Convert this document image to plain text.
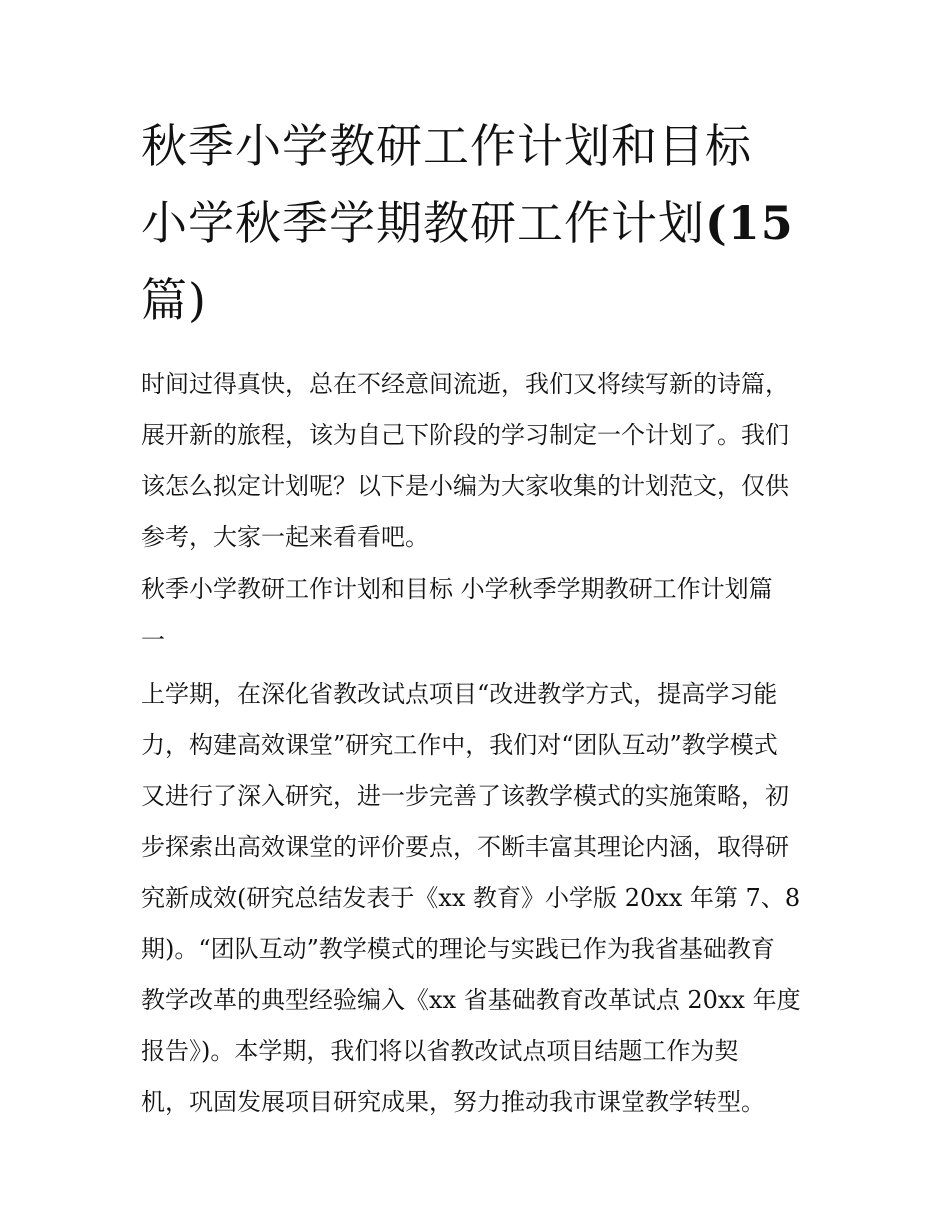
秋季小学教研工作计划和目标
小学秋季学期教研工作计划(15
篇)

时间过得真快，总在不经意间流逝，我们又将续写新的诗篇，
展开新的旅程，该为自己下阶段的学习制定一个计划了。我们
该怎么拟定计划呢？以下是小编为大家收集的计划范文，仅供
参考，大家一起来看看吧。

秋季小学教研工作计划和目标 小学秋季学期教研工作计划篇
一

上学期，在深化省教改试点项目“改进教学方式，提高学习能
力，构建高效课堂”研究工作中，我们对“团队互动”教学模式
又进行了深入研究，进一步完善了该教学模式的实施策略，初
步探索出高效课堂的评价要点，不断丰富其理论内涵，取得研
究新成效(研究总结发表于《xx 教育》小学版 20xx 年第 7、8
期)。“团队互动”教学模式的理论与实践已作为我省基础教育
教学改革的典型经验编入《xx 省基础教育改革试点 20xx 年度
报告》)。本学期，我们将以省教改试点项目结题工作为契
机，巩固发展项目研究成果，努力推动我市课堂教学转型。
